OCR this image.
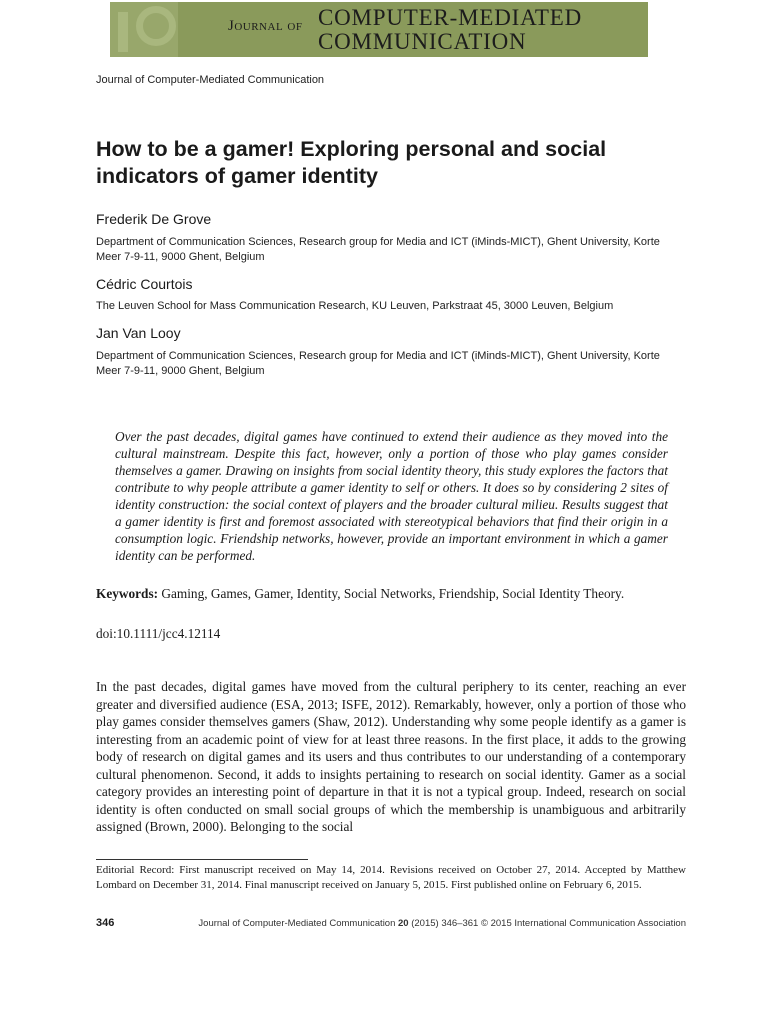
Journal of COMPUTER-MEDIATED
COMMUNICATION
Journal of Computer-Mediated Communication
How to be a gamer! Exploring personal and social indicators of gamer identity
Frederik De Grove
Department of Communication Sciences, Research group for Media and ICT (iMinds-MICT), Ghent University, Korte Meer 7-9-11, 9000 Ghent, Belgium
Cédric Courtois
The Leuven School for Mass Communication Research, KU Leuven, Parkstraat 45, 3000 Leuven, Belgium
Jan Van Looy
Department of Communication Sciences, Research group for Media and ICT (iMinds-MICT), Ghent University, Korte Meer 7-9-11, 9000 Ghent, Belgium
Over the past decades, digital games have continued to extend their audience as they moved into the cultural mainstream. Despite this fact, however, only a portion of those who play games consider themselves a gamer. Drawing on insights from social identity theory, this study explores the factors that contribute to why people attribute a gamer identity to self or others. It does so by considering 2 sites of identity construction: the social context of players and the broader cultural milieu. Results suggest that a gamer identity is first and foremost associated with stereotypical behaviors that find their origin in a consumption logic. Friendship networks, however, provide an important environment in which a gamer identity can be performed.
Keywords: Gaming, Games, Gamer, Identity, Social Networks, Friendship, Social Identity Theory.
doi:10.1111/jcc4.12114
In the past decades, digital games have moved from the cultural periphery to its center, reaching an ever greater and diversified audience (ESA, 2013; ISFE, 2012). Remarkably, however, only a portion of those who play games consider themselves gamers (Shaw, 2012). Understanding why some people identify as a gamer is interesting from an academic point of view for at least three reasons. In the first place, it adds to the growing body of research on digital games and its users and thus contributes to our understanding of a contemporary cultural phenomenon. Second, it adds to insights pertaining to research on social identity. Gamer as a social category provides an interesting point of departure in that it is not a typical group. Indeed, research on social identity is often conducted on small social groups of which the membership is unambiguous and arbitrarily assigned (Brown, 2000). Belonging to the social
Editorial Record: First manuscript received on May 14, 2014. Revisions received on October 27, 2014. Accepted by Matthew Lombard on December 31, 2014. Final manuscript received on January 5, 2015. First published online on February 6, 2015.
346	Journal of Computer-Mediated Communication 20 (2015) 346–361 © 2015 International Communication Association
